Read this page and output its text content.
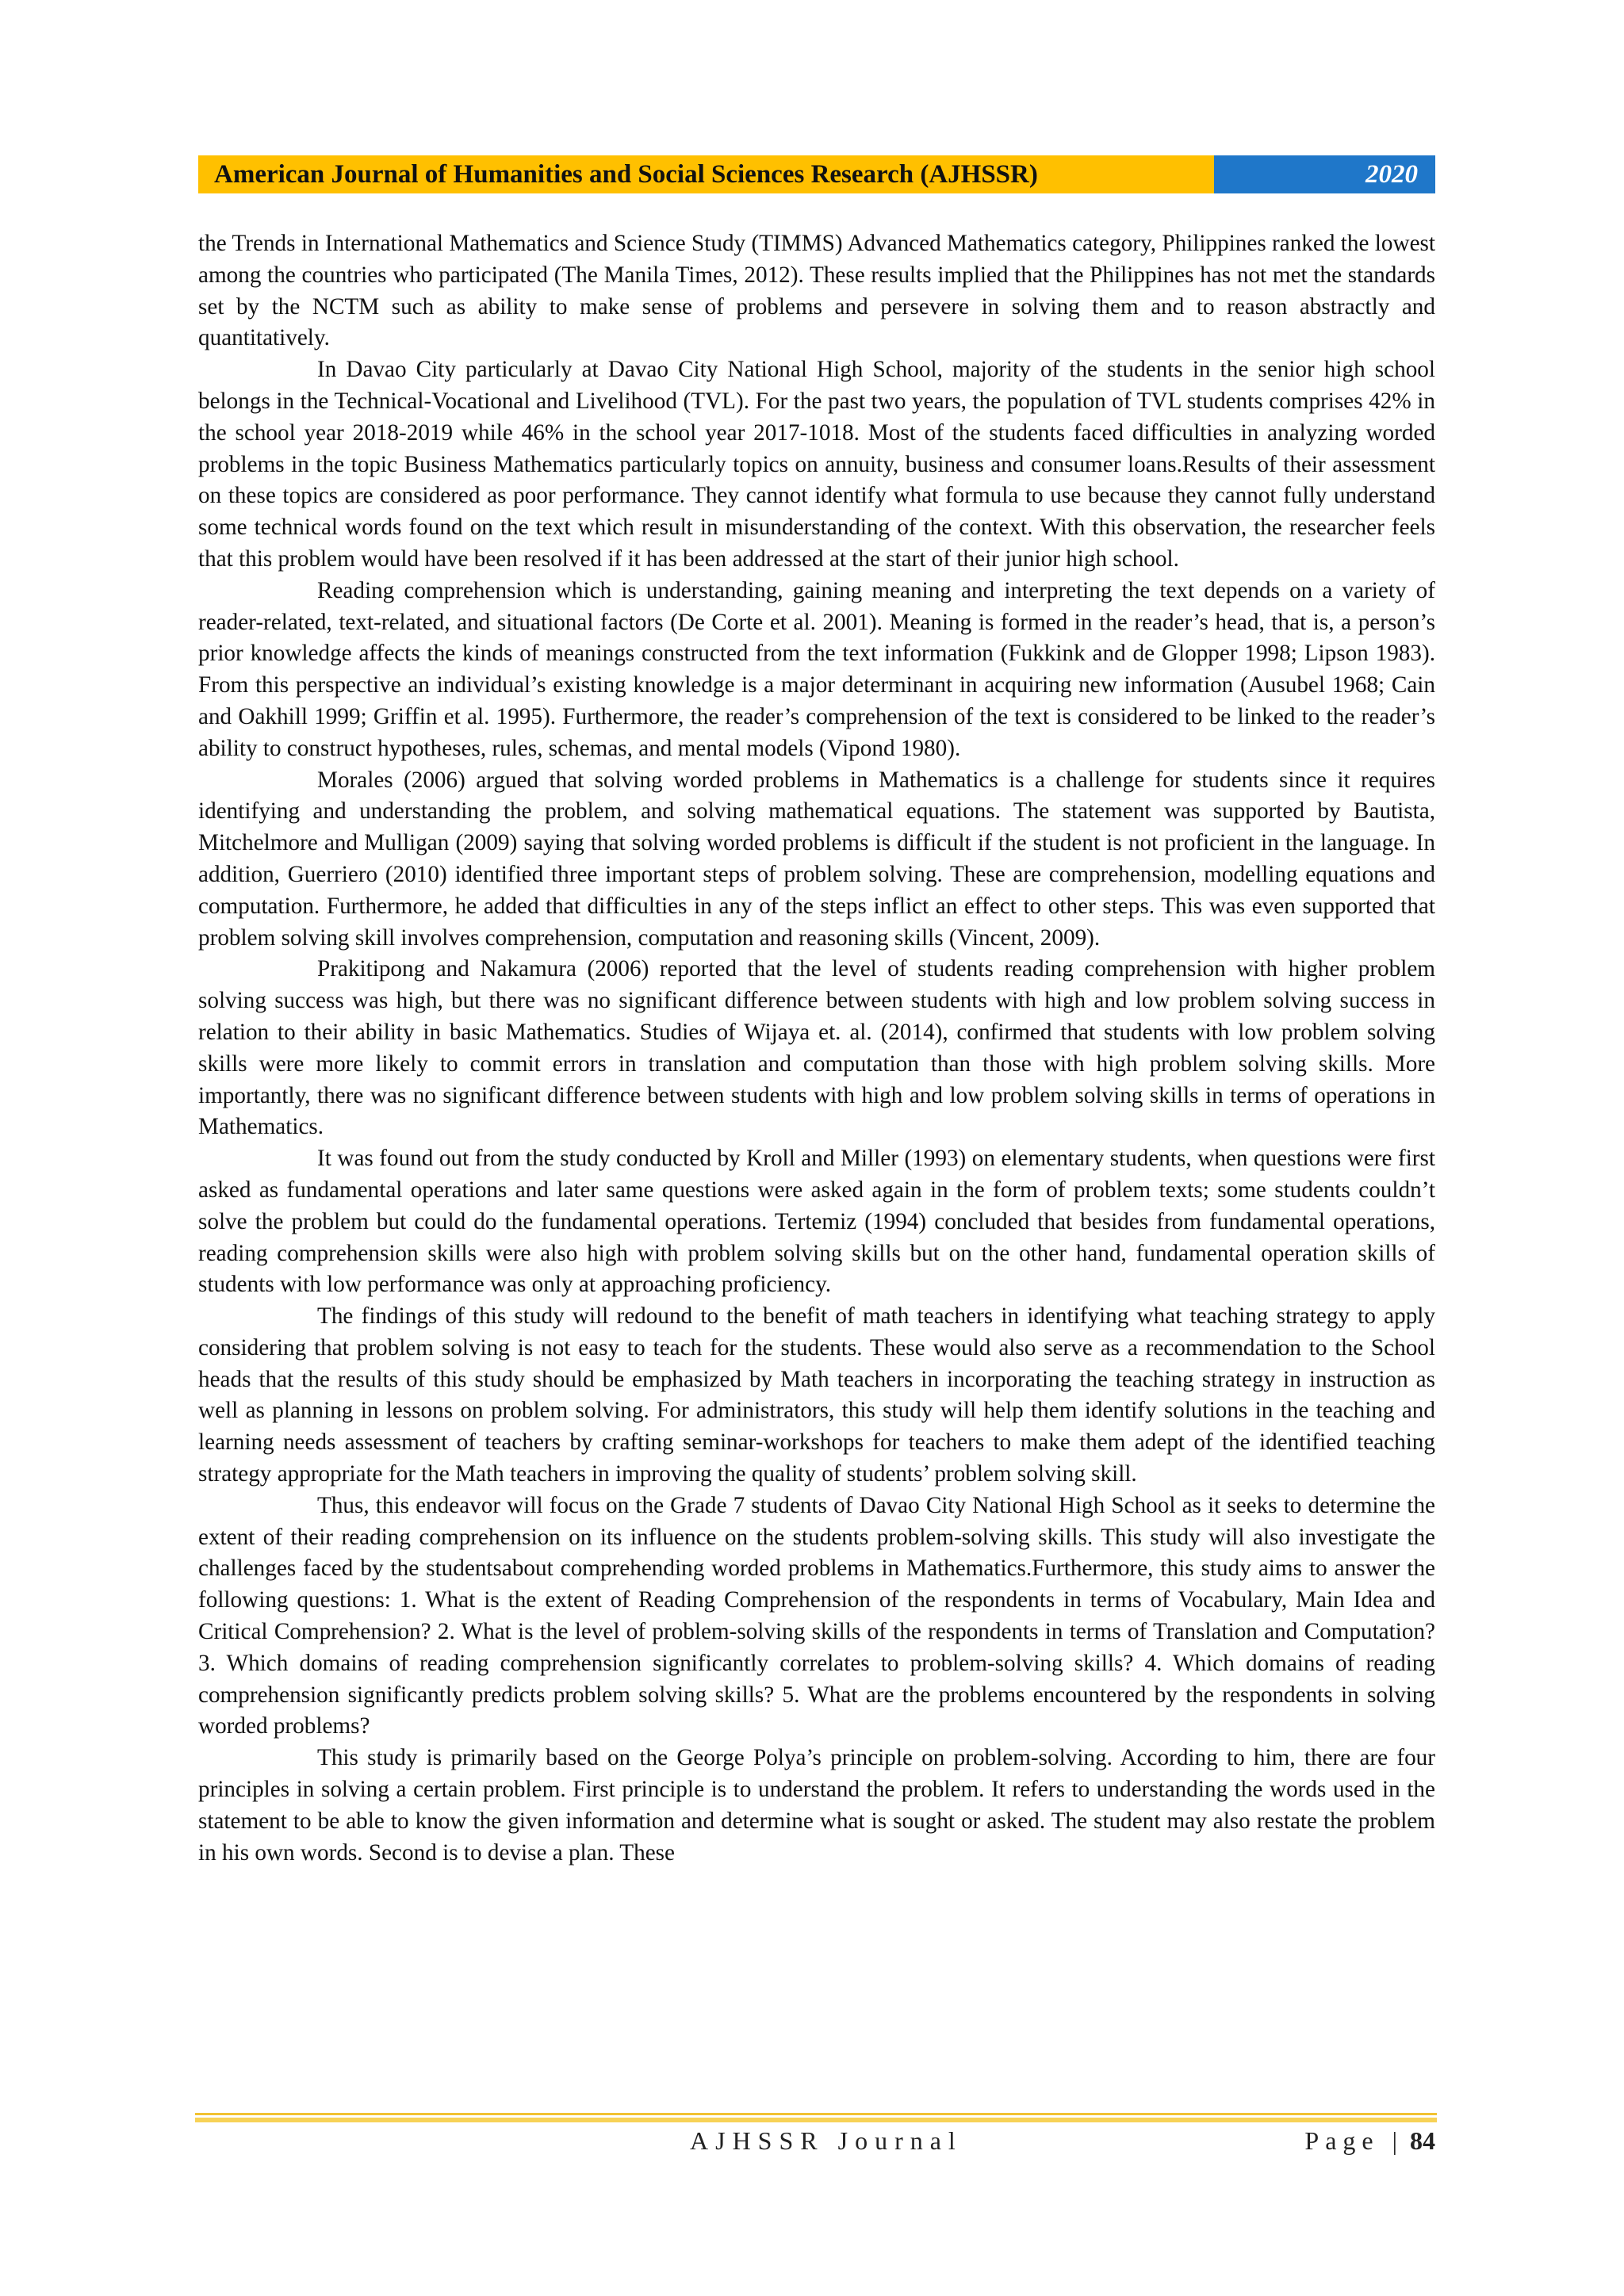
American Journal of Humanities and Social Sciences Research (AJHSSR)	2020

the Trends in International Mathematics and Science Study (TIMMS) Advanced Mathematics category, Philippines ranked the lowest among the countries who participated (The Manila Times, 2012). These results implied that the Philippines has not met the standards set by the NCTM such as ability to make sense of problems and persevere in solving them and to reason abstractly and quantitatively.

In Davao City particularly at Davao City National High School, majority of the students in the senior high school belongs in the Technical-Vocational and Livelihood (TVL). For the past two years, the population of TVL students comprises 42% in the school year 2018-2019 while 46% in the school year 2017-1018. Most of the students faced difficulties in analyzing worded problems in the topic Business Mathematics particularly topics on annuity, business and consumer loans.Results of their assessment on these topics are considered as poor performance. They cannot identify what formula to use because they cannot fully understand some technical words found on the text which result in misunderstanding of the context. With this observation, the researcher feels that this problem would have been resolved if it has been addressed at the start of their junior high school.

Reading comprehension which is understanding, gaining meaning and interpreting the text depends on a variety of reader-related, text-related, and situational factors (De Corte et al. 2001). Meaning is formed in the reader’s head, that is, a person’s prior knowledge affects the kinds of meanings constructed from the text information (Fukkink and de Glopper 1998; Lipson 1983). From this perspective an individual’s existing knowledge is a major determinant in acquiring new information (Ausubel 1968; Cain and Oakhill 1999; Griffin et al. 1995). Furthermore, the reader’s comprehension of the text is considered to be linked to the reader’s ability to construct hypotheses, rules, schemas, and mental models (Vipond 1980).

Morales (2006) argued that solving worded problems in Mathematics is a challenge for students since it requires identifying and understanding the problem, and solving mathematical equations. The statement was supported by Bautista, Mitchelmore and Mulligan (2009) saying that solving worded problems is difficult if the student is not proficient in the language. In addition, Guerriero (2010) identified three important steps of problem solving. These are comprehension, modelling equations and computation. Furthermore, he added that difficulties in any of the steps inflict an effect to other steps. This was even supported that problem solving skill involves comprehension, computation and reasoning skills (Vincent, 2009).

Prakitipong and Nakamura (2006) reported that the level of students reading comprehension with higher problem solving success was high, but there was no significant difference between students with high and low problem solving success in relation to their ability in basic Mathematics. Studies of Wijaya et. al. (2014), confirmed that students with low problem solving skills were more likely to commit errors in translation and computation than those with high problem solving skills. More importantly, there was no significant difference between students with high and low problem solving skills in terms of operations in Mathematics.

It was found out from the study conducted by Kroll and Miller (1993) on elementary students, when questions were first asked as fundamental operations and later same questions were asked again in the form of problem texts; some students couldn’t solve the problem but could do the fundamental operations. Tertemiz (1994) concluded that besides from fundamental operations, reading comprehension skills were also high with problem solving skills but on the other hand, fundamental operation skills of students with low performance was only at approaching proficiency.

The findings of this study will redound to the benefit of math teachers in identifying what teaching strategy to apply considering that problem solving is not easy to teach for the students. These would also serve as a recommendation to the School heads that the results of this study should be emphasized by Math teachers in incorporating the teaching strategy in instruction as well as planning in lessons on problem solving. For administrators, this study will help them identify solutions in the teaching and learning needs assessment of teachers by crafting seminar-workshops for teachers to make them adept of the identified teaching strategy appropriate for the Math teachers in improving the quality of students’ problem solving skill.

Thus, this endeavor will focus on the Grade 7 students of Davao City National High School as it seeks to determine the extent of their reading comprehension on its influence on the students problem-solving skills. This study will also investigate the challenges faced by the studentsabout comprehending worded problems in Mathematics.Furthermore, this study aims to answer the following questions: 1. What is the extent of Reading Comprehension of the respondents in terms of Vocabulary, Main Idea and Critical Comprehension? 2. What is the level of problem-solving skills of the respondents in terms of Translation and Computation? 3. Which domains of reading comprehension significantly correlates to problem-solving skills? 4. Which domains of reading comprehension significantly predicts problem solving skills? 5. What are the problems encountered by the respondents in solving worded problems?

This study is primarily based on the George Polya’s principle on problem-solving. According to him, there are four principles in solving a certain problem. First principle is to understand the problem. It refers to understanding the words used in the statement to be able to know the given information and determine what is sought or asked. The student may also restate the problem in his own words. Second is to devise a plan. These

AJHSSR Journal	Page | 84
